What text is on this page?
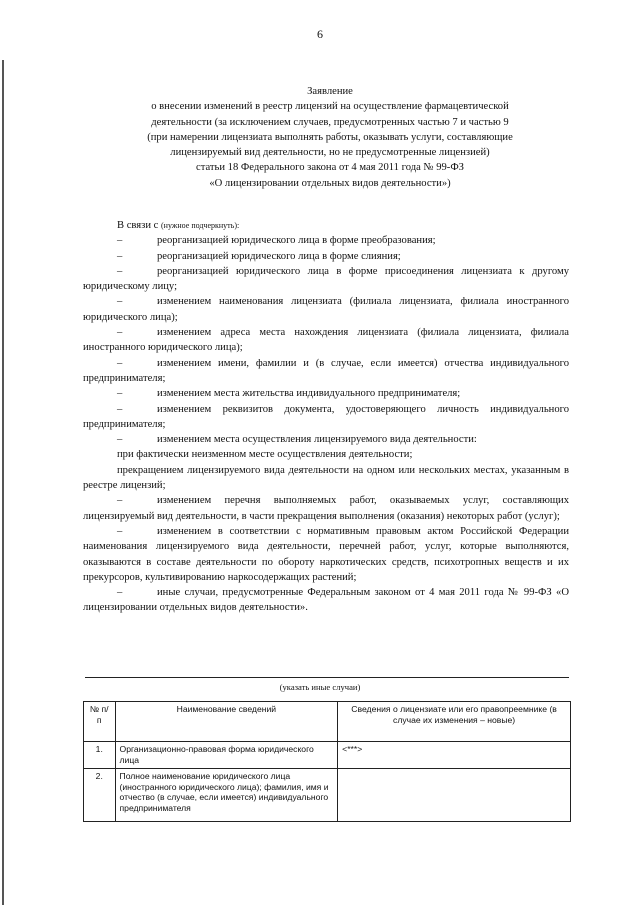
6
Заявление
о внесении изменений в реестр лицензий на осуществление фармацевтической
деятельности (за исключением случаев, предусмотренных частью 7 и частью 9
(при намерении лицензиата выполнять работы, оказывать услуги, составляющие
лицензируемый вид деятельности, но не предусмотренные лицензией)
статьи 18 Федерального закона от 4 мая 2011 года № 99-ФЗ
«О лицензировании отдельных видов деятельности»)

В связи с (нужное подчеркнуть):

–	реорганизацией юридического лица в форме преобразования;

–	реорганизацией юридического лица в форме слияния;

–	реорганизацией юридического лица в форме присоединения лицензиата к другому юридическому лицу;

–	изменением наименования лицензиата (филиала лицензиата, филиала иностранного юридического лица);

–	изменением адреса места нахождения лицензиата (филиала лицензиата, филиала иностранного юридического лица);

–	изменением имени, фамилии и (в случае, если имеется) отчества индивидуального предпринимателя;

–	изменением места жительства индивидуального предпринимателя;

–	изменением реквизитов документа, удостоверяющего личность индивидуального предпринимателя;

–	изменением места осуществления лицензируемого вида деятельности:

при фактически неизменном месте осуществления деятельности;

прекращением лицензируемого вида деятельности на одном или нескольких местах, указанным в реестре лицензий;

–	изменением перечня выполняемых работ, оказываемых услуг, составляющих лицензируемый вид деятельности, в части прекращения выполнения (оказания) некоторых работ (услуг);

–	изменением в соответствии с нормативным правовым актом Российской Федерации наименования лицензируемого вида деятельности, перечней работ, услуг, которые выполняются, оказываются в составе деятельности по обороту наркотических средств, психотропных веществ и их прекурсоров, культивированию наркосодержащих растений;

–	иные случаи, предусмотренные Федеральным законом от 4 мая 2011 года № 99-ФЗ «О лицензировании отдельных видов деятельности».

(указать иные случаи)
№ п/п	Наименование сведений	Сведения о лицензиате или его правопреемнике (в случае их изменения – новые)
1.	Организационно-правовая форма юридического лица	<***>
2.	Полное наименование юридического лица (иностранного юридического лица); фамилия, имя и отчество (в случае, если имеется) индивидуального предпринимателя	
